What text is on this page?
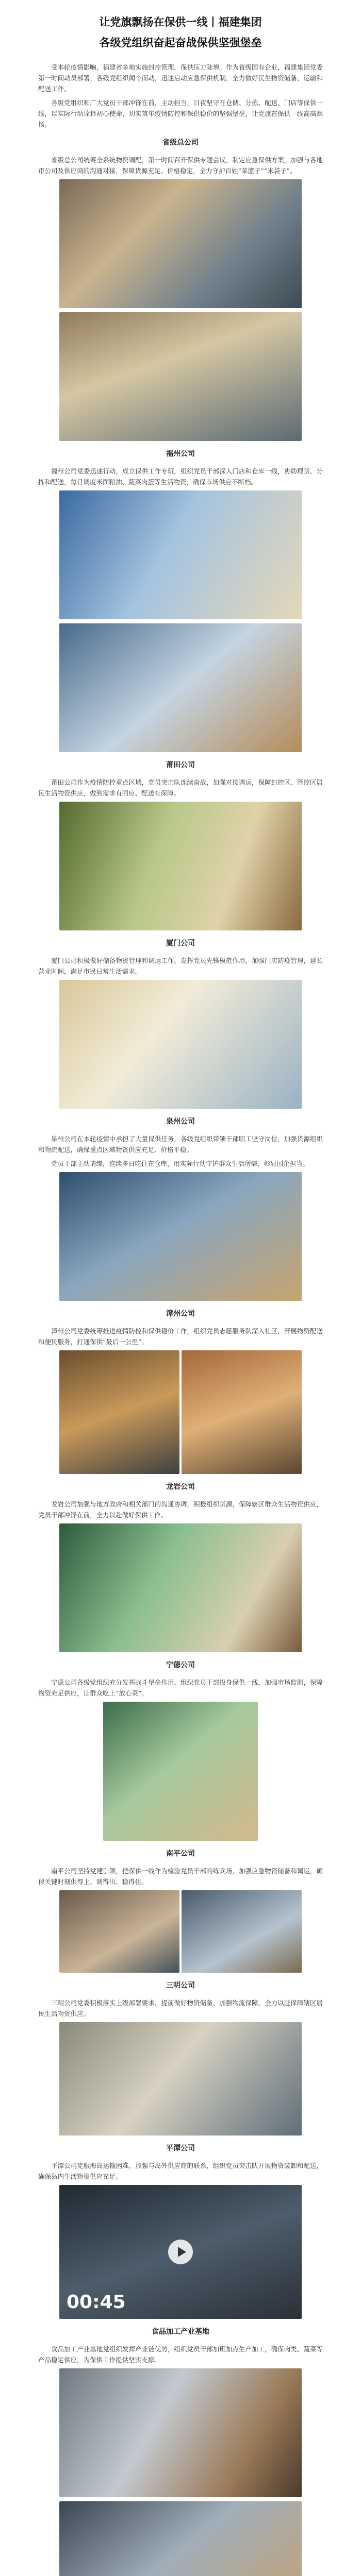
让党旗飘扬在保供一线丨福建集团
各级党组织奋起奋战保供坚强堡垒

受本轮疫情影响，福建省多地实施封控管理，保供压力陡增。作为省级国有企业，福建集团党委第一时间动员部署，各级党组织闻令而动，迅速启动应急保供机制，全力做好民生物资储备、运输和配送工作。

各级党组织和广大党员干部冲锋在前，主动担当，日夜坚守在仓储、分拣、配送、门店等保供一线，以实际行动诠释初心使命，切实筑牢疫情防控和保供稳价的坚强堡垒，让党旗在保供一线高高飘扬。

省级总公司

省级总公司统筹全系统物资调配，第一时间召开保供专题会议，制定应急保供方案，加强与各地市公司及供应商的沟通对接，保障货源充足、价格稳定，全力守护百姓“菜篮子”“米袋子”。

福州公司

福州公司党委迅速行动，成立保供工作专班，组织党员干部深入门店和仓库一线，协助理货、分拣和配送，每日调度米面粮油、蔬菜肉蛋等生活物资，确保市场供应不断档。

莆田公司

莆田公司作为疫情防控重点区域，党员突击队连续奋战，加强对接调运，保障封控区、管控区居民生活物资供应，做到需求有回应、配送有保障。

厦门公司

厦门公司积极做好储备物资管理和调运工作，发挥党员先锋模范作用，加强门店防疫管理，延长营业时间，满足市民日常生活需求。

泉州公司

泉州公司在本轮疫情中承担了大量保供任务，各级党组织带领干部职工坚守岗位，加强货源组织和物流配送，确保重点区域物资供应充足、价格平稳。

党员干部主动请缨，连续多日吃住在仓库，用实际行动守护群众生活所需，彰显国企担当。

漳州公司

漳州公司党委统筹推进疫情防控和保供稳价工作，组织党员志愿服务队深入社区，开展物资配送和便民服务，打通保供“最后一公里”。

龙岩公司

龙岩公司加强与地方政府和相关部门的沟通协调，积极组织货源，保障辖区群众生活物资供应，党员干部冲锋在前，全力以赴做好保供工作。

宁德公司

宁德公司各级党组织充分发挥战斗堡垒作用，组织党员干部投身保供一线，加强市场监测，保障物资充足供应，让群众吃上“放心菜”。

南平公司

南平公司坚持党建引领，把保供一线作为检验党员干部的练兵场，加强应急物资储备和调运，确保关键时刻供得上、调得出、稳得住。

三明公司

三明公司党委积极落实上级部署要求，提前做好物资储备，加强物流保障，全力以赴保障辖区居民生活物资供应。

平潭公司

平潭公司克服海岛运输困难，加强与岛外供应商的联系，组织党员突击队开展物资装卸和配送，确保岛内生活物资供应充足。

00:45
食品加工产业基地

食品加工产业基地党组织发挥产业链优势，组织党员干部加班加点生产加工，确保肉类、蔬菜等产品稳定供应，为保供工作提供坚实支撑。
